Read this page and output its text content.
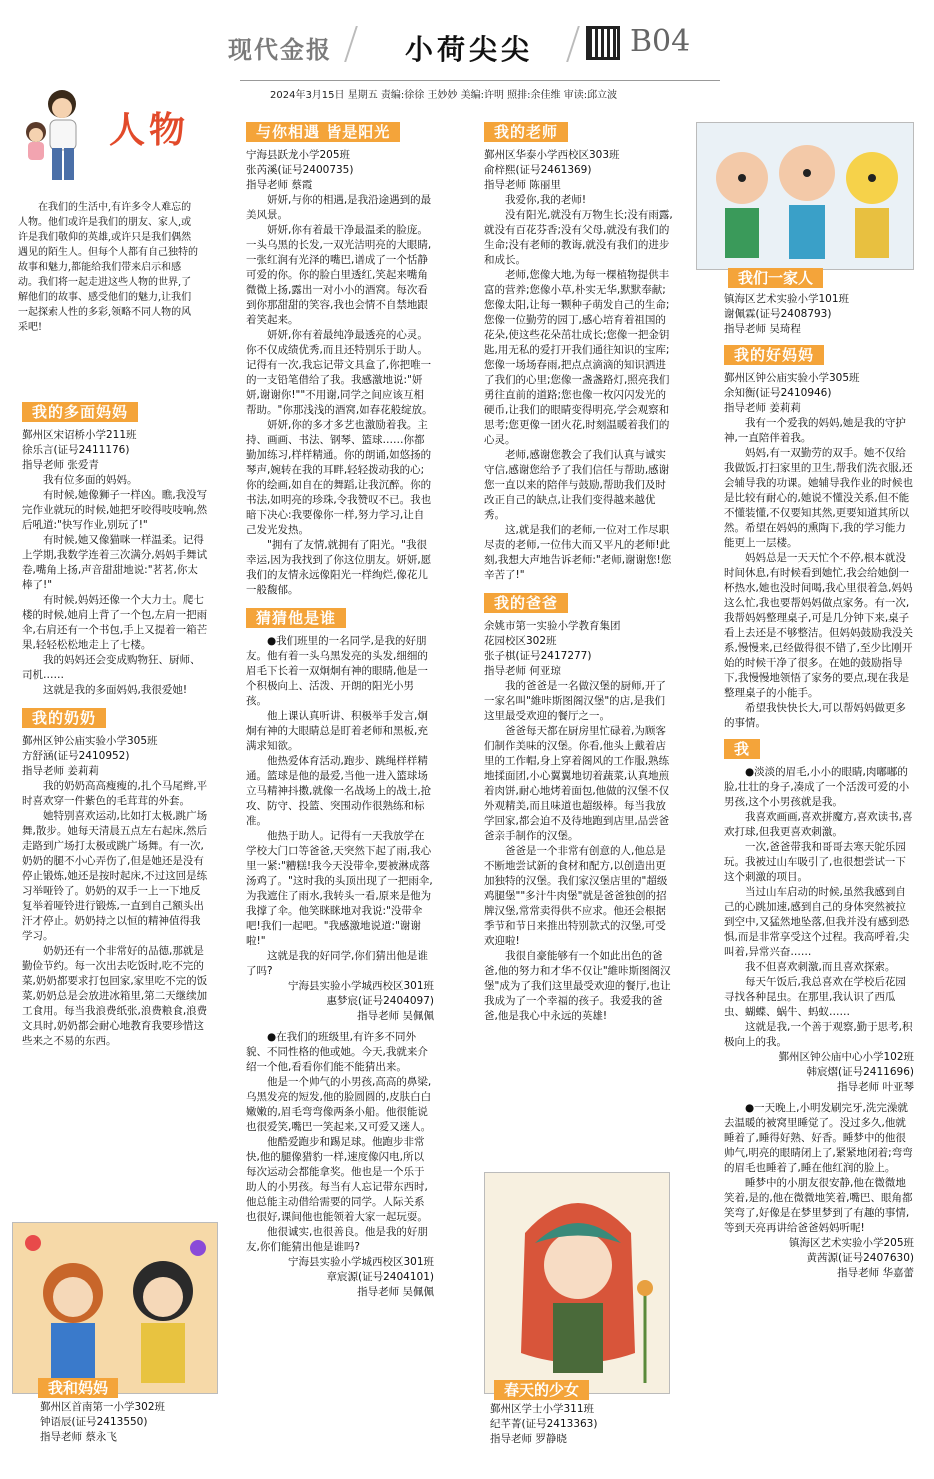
现代金报	小荷尖尖	B04
2024年3月15日 星期五 责编:徐徐 王妙妙 美编:许明 照排:余佳维 审读:邱立波
人物

在我们的生活中,有许多令人难忘的人物。他们或许是我们的朋友、家人,或许是我们敬仰的英雄,或许只是我们偶然遇见的陌生人。但每个人都有自己独特的故事和魅力,都能给我们带来启示和感动。我们将一起走进这些人物的世界,了解他们的故事、感受他们的魅力,让我们一起探索人性的多彩,领略不同人物的风采吧!

我的多面妈妈
鄞州区宋诏桥小学211班
徐乐言(证号2411176)
指导老师 张爱青

我有位多面的妈妈。

有时候,她像狮子一样凶。瞧,我没写完作业就玩的时候,她把牙咬得吱吱响,然后吼道:"快写作业,别玩了!"

有时候,她又像猫咪一样温柔。记得上学期,我数学连着三次满分,妈妈手舞试卷,嘴角上扬,声音甜甜地说:"茗茗,你太棒了!"

有时候,妈妈还像一个大力士。爬七楼的时候,她肩上背了一个包,左肩一把雨伞,右肩还有一个书包,手上又提着一箱芒果,轻轻松松地走上了七楼。

我的妈妈还会变成购物狂、厨师、司机……

这就是我的多面妈妈,我很爱她!

我的奶奶
鄞州区钟公庙实验小学305班
方舒涵(证号2410952)
指导老师 姜莉莉

我的奶奶高高瘦瘦的,扎个马尾辫,平时喜欢穿一件紫色的毛茸茸的外套。

她特别喜欢运动,比如打太极,跳广场舞,散步。她每天清晨五点左右起床,然后走路到广场打太极或跳广场舞。有一次,奶奶的腿不小心弄伤了,但是她还是没有停止锻炼,她还是按时起床,不过这回是练习举哑铃了。奶奶的双手一上一下地反复举着哑铃进行锻炼,一直到自己额头出汗才停止。奶奶持之以恒的精神值得我学习。

奶奶还有一个非常好的品德,那就是勤俭节约。每一次出去吃饭时,吃不完的菜,奶奶都要求打包回家,家里吃不完的饭菜,奶奶总是会放进冰箱里,第二天继续加工食用。每当我浪费纸张,浪费粮食,浪费文具时,奶奶都会耐心地教育我要珍惜这些来之不易的东西。

我和妈妈
鄞州区首南第一小学302班
钟语辰(证号2413550)
指导老师 蔡永飞
与你相遇 皆是阳光
宁海县跃龙小学205班
张芮溪(证号2400735)
指导老师 蔡霞

妍妍,与你的相遇,是我沿途遇到的最美风景。

妍妍,你有着最干净最温柔的脸庞。一头乌黑的长发,一双光洁明亮的大眼睛,一张红润有光泽的嘴巴,谱成了一个恬静可爱的你。你的脸白里透红,笑起来嘴角微微上扬,露出一对小小的酒窝。每次看到你那甜甜的笑容,我也会情不自禁地跟着笑起来。

妍妍,你有着最纯净最透亮的心灵。你不仅成绩优秀,而且还特别乐于助人。记得有一次,我忘记带文具盒了,你把唯一的一支铅笔借给了我。我感激地说:"妍妍,谢谢你!""不用谢,同学之间应该互相帮助。"你那浅浅的酒窝,如春花般绽放。

妍妍,你的多才多艺也激励着我。主持、画画、书法、钢琴、篮球……你都勤加练习,样样精通。你的朗诵,如悠扬的琴声,婉转在我的耳畔,轻轻拨动我的心;你的绘画,如自在的舞蹈,让我沉醉。你的书法,如明亮的珍珠,令我赞叹不已。我也暗下决心:我要像你一样,努力学习,让自己发光发热。

"拥有了友情,就拥有了阳光。"我很幸运,因为我找到了你这位朋友。妍妍,愿我们的友情永远像阳光一样绚烂,像花儿一般馥郁。

猜猜他是谁

●我们班里的一名同学,是我的好朋友。他有着一头乌黑发亮的头发,细细的眉毛下长着一双炯炯有神的眼睛,他是一个积极向上、活泼、开朗的阳光小男孩。

他上课认真听讲、积极举手发言,炯炯有神的大眼睛总是盯着老师和黑板,充满求知欲。

他热爱体育活动,跑步、跳绳样样精通。篮球是他的最爱,当他一进入篮球场立马精神抖擞,就像一名战场上的战士,抢攻、防守、投篮、突围动作很熟练和标准。

他热于助人。记得有一天我放学在学校大门口等爸爸,天突然下起了雨,我心里一紧:"糟糕!我今天没带伞,要被淋成落汤鸡了。"这时我的头顶出现了一把雨伞,为我遮住了雨水,我转头一看,原来是他为我撑了伞。他笑眯眯地对我说:"没带伞吧!我们一起吧。"我感激地说道:"谢谢啦!"

这就是我的好同学,你们猜出他是谁了吗?

宁海县实验小学城西校区301班
惠梦宸(证号2404097)
指导老师 吴佩佩

●在我们的班级里,有许多不同外貌、不同性格的他或她。今天,我就来介绍一个他,看看你们能不能猜出来。

他是一个帅气的小男孩,高高的鼻梁,乌黑发亮的短发,他的脸圆圆的,皮肤白白嫩嫩的,眉毛弯弯像两条小船。他很能说也很爱笑,嘴巴一笑起来,又可爱又迷人。

他酷爱跑步和踢足球。他跑步非常快,他的腿像猎豹一样,速度像闪电,所以每次运动会都能拿奖。他也是一个乐于助人的小男孩。每当有人忘记带东西时,他总能主动借给需要的同学。人际关系也很好,课间他也能领着大家一起玩耍。

他很诚实,也很善良。他是我的好朋友,你们能猜出他是谁吗?

宁海县实验小学城西校区301班
章宸源(证号2404101)
指导老师 吴佩佩
我的老师
鄞州区华泰小学西校区303班
俞梓熙(证号2461369)
指导老师 陈丽里

我爱你,我的老师!

没有阳光,就没有万物生长;没有雨露,就没有百花芬香;没有父母,就没有我们的生命;没有老师的教诲,就没有我们的进步和成长。

老师,您像大地,为每一棵植物提供丰富的营养;您像小草,朴实无华,默默奉献;您像太阳,让每一颗种子萌发自己的生命;您像一位勤劳的园丁,感心培育着祖国的花朵,使这些花朵茁壮成长;您像一把金钥匙,用无私的爱打开我们通往知识的宝库;您像一场场春雨,把点点滴滴的知识洒进了我们的心里;您像一盏盏路灯,照亮我们勇往直前的道路;您也像一枚闪闪发光的硬币,让我们的眼睛变得明亮,学会观察和思考;您更像一团火花,时刻温暖着我们的心灵。

老师,感谢您教会了我们认真与诚实守信,感谢您给予了我们信任与帮助,感谢您一直以来的陪伴与鼓励,帮助我们及时改正自己的缺点,让我们变得越来越优秀。

这,就是我们的老师,一位对工作尽职尽责的老师,一位伟大而又平凡的老师!此刻,我想大声地告诉老师:"老师,谢谢您!您辛苦了!"

我的爸爸
余姚市第一实验小学教育集团
花园校区302班
张子棋(证号2417277)
指导老师 何亚琼

我的爸爸是一名做汉堡的厨师,开了一家名叫"維咔斯图阁汉堡"的店,是我们这里最受欢迎的餐厅之一。

爸爸每天都在厨房里忙碌着,为顾客们制作美味的汉堡。你看,他头上戴着店里的工作帽,身上穿着阁风的工作服,熟练地揉面团,小心翼翼地切着蔬菜,认真地煎着肉饼,耐心地烤着面包,他做的汉堡不仅外观精美,而且味道也超级棒。每当我放学回家,都会迫不及待地跑到店里,品尝爸爸亲手制作的汉堡。

爸爸是一个非常有创意的人,他总是不断地尝试新的食材和配方,以创造出更加独特的汉堡。我们家汉堡店里的"超级鸡腿堡""多汁牛肉堡"就是爸爸独创的招牌汉堡,常常卖得供不应求。他还会根据季节和节日来推出特别款式的汉堡,可受欢迎啦!

我很自豪能够有一个如此出色的爸爸,他的努力和才华不仅让"維咔斯图阁汉堡"成为了我们这里最受欢迎的餐厅,也让我成为了一个幸福的孩子。我爱我的爸爸,他是我心中永远的英雄!

春天的少女
鄞州区学士小学311班
纪芊菁(证号2413363)
指导老师 罗静晓
我们一家人
镇海区艺术实验小学101班
谢佩霖(证号2408793)
指导老师 吴琦程
我的好妈妈
鄞州区钟公庙实验小学305班
余知衡(证号2410946)
指导老师 姜莉莉

我有一个爱我的妈妈,她是我的守护神,一直陪伴着我。

妈妈,有一双勤劳的双手。她不仅给我做饭,打扫家里的卫生,帮我们洗衣服,还会辅导我的功课。她辅导我作业的时候也是比较有耐心的,她说不懂没关系,但不能不懂装懂,不仅要知其然,更要知道其所以然。希望在妈妈的熏陶下,我的学习能力能更上一层楼。

妈妈总是一天天忙个不停,根本就没时间休息,有时候看到她忙,我会给她倒一杯热水,她也没时间喝,我心里很着急,妈妈这么忙,我也要帮妈妈做点家务。有一次,我帮妈妈整理桌子,可是几分钟下来,桌子看上去还是不够整洁。但妈妈鼓励我没关系,慢慢来,已经做得很不错了,至少比刚开始的时候干净了很多。在她的鼓励指导下,我慢慢地领悟了家务的要点,现在我是整理桌子的小能手。

希望我快快长大,可以帮妈妈做更多的事情。

我

●淡淡的眉毛,小小的眼睛,肉嘟嘟的脸,壮壮的身子,凑成了一个活泼可爱的小男孩,这个小男孩就是我。

我喜欢画画,喜欢拼魔方,喜欢读书,喜欢打球,但我更喜欢刺激。

一次,爸爸带我和哥哥去寒天鸵乐园玩。我被过山车吸引了,也很想尝试一下这个刺激的项目。

当过山车启动的时候,虽然我感到自己的心跳加速,感到自己的身体突然被拉到空中,又猛然地坠落,但我并没有感到恐惧,而是非常享受这个过程。我高呼着,尖叫着,异常兴奋……

我不但喜欢刺激,而且喜欢探索。

每天午饭后,我总喜欢在学校后花园寻找各种昆虫。在那里,我认识了西瓜虫、蝴蝶、蜗牛、蚂蚁……

这就是我,一个善于观察,勤于思考,积极向上的我。

鄞州区钟公庙中心小学102班
韩宸熠(证号2411696)
指导老师 叶亚琴

●一天晚上,小明发刷完牙,洗完澡就去温暖的被窝里睡觉了。没过多久,他就睡着了,睡得好熟、好香。睡梦中的他很帅气,明亮的眼睛闭上了,紧紧地闭着;弯弯的眉毛也睡着了,睡在他红润的脸上。

睡梦中的小朋友很安静,他在微微地笑着,是的,他在微微地笑着,嘴巴、眼角都笑弯了,好像是在梦里梦到了有趣的事情,等到天亮再讲给爸爸妈妈听呢!

镇海区艺术实验小学205班
黄茜源(证号2407630)
指导老师 华嘉蕾
